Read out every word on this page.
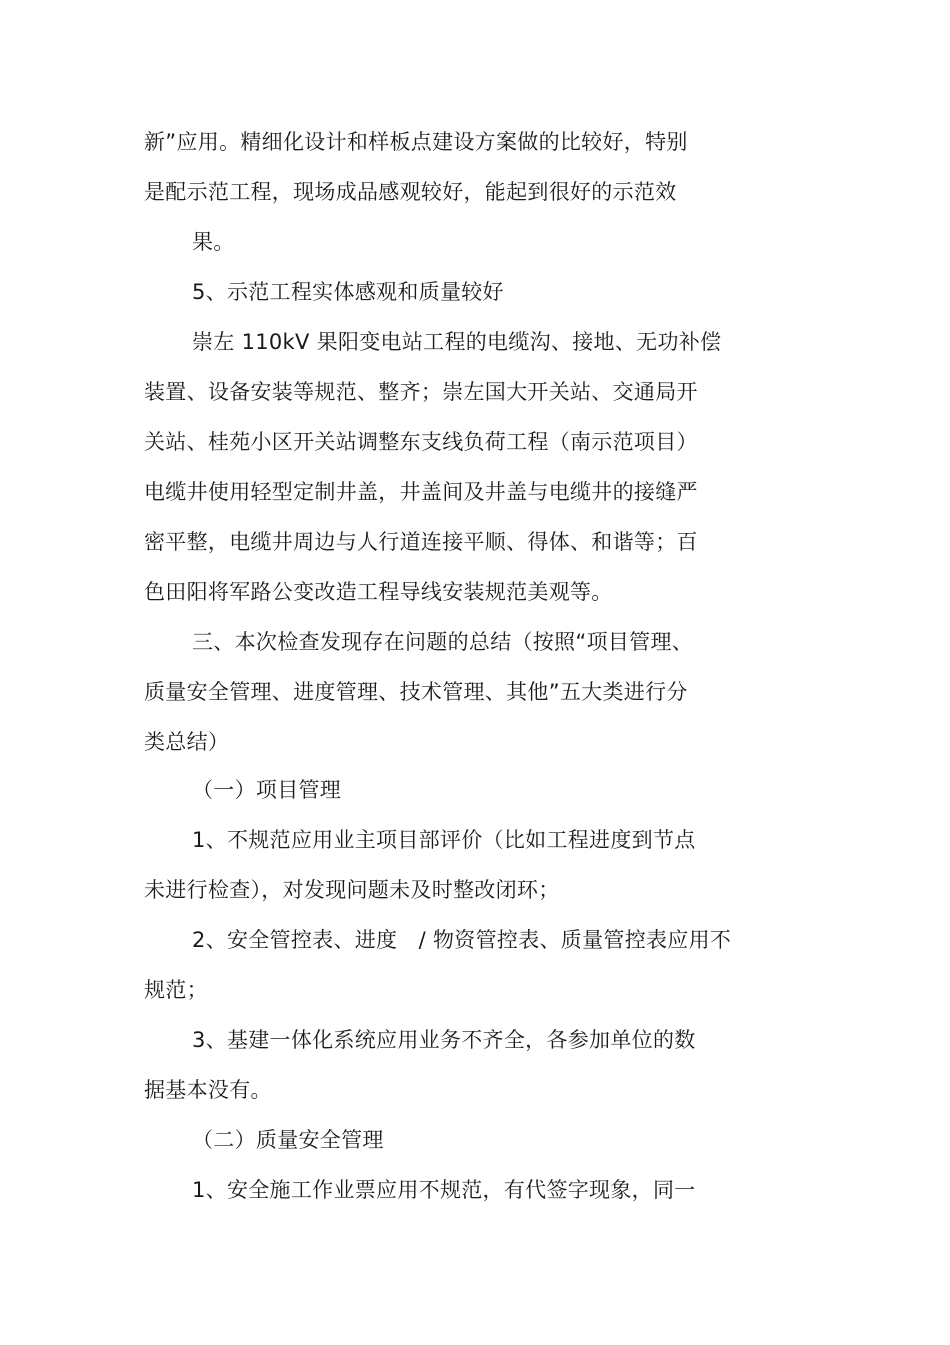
新”应用。精细化设计和样板点建设方案做的比较好，特别
是配示范工程，现场成品感观较好，能起到很好的示范效
果。
5、示范工程实体感观和质量较好
崇左 110kV 果阳变电站工程的电缆沟、接地、无功补偿
装置、设备安装等规范、整齐；崇左国大开关站、交通局开
关站、桂苑小区开关站调整东支线负荷工程（南示范项目）
电缆井使用轻型定制井盖，井盖间及井盖与电缆井的接缝严
密平整，电缆井周边与人行道连接平顺、得体、和谐等；百
色田阳将军路公变改造工程导线安装规范美观等。
三、本次检查发现存在问题的总结（按照“项目管理、
质量安全管理、进度管理、技术管理、其他”五大类进行分
类总结）
（一）项目管理
1、不规范应用业主项目部评价（比如工程进度到节点
未进行检查），对发现问题未及时整改闭环；
2、安全管控表、进度　/ 物资管控表、质量管控表应用不
规范；
3、基建一体化系统应用业务不齐全，各参加单位的数
据基本没有。
（二）质量安全管理
1、安全施工作业票应用不规范，有代签字现象，同一
